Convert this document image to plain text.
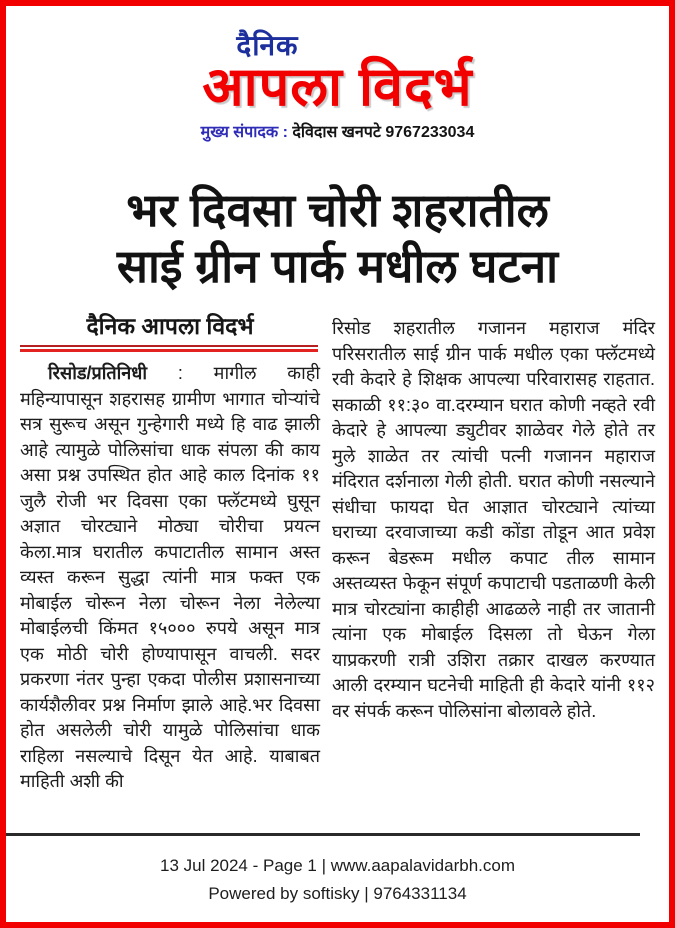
दैनिक
आपला विदर्भ
मुख्य संपादक : देविदास खनपटे 9767233034
भर दिवसा चोरी शहरातील
साई ग्रीन पार्क मधील घटना
दैनिक आपला विदर्भ

रिसोड/प्रतिनिधी : मागील काही महिन्यापासून शहरासह ग्रामीण भागात चोऱ्यांचे सत्र सुरूच असून गुन्हेगारी मध्ये हि वाढ झाली आहे त्यामुळे पोलिसांचा धाक संपला की काय असा प्रश्न उपस्थित होत आहे काल दिनांक ११ जुलै रोजी भर दिवसा एका फ्लॅटमध्ये घुसून अज्ञात चोरट्याने मोठ्या चोरीचा प्रयत्न केला.मात्र घरातील कपाटातील सामान अस्त व्यस्त करून सुद्धा त्यांनी मात्र फक्त एक मोबाईल चोरून नेला चोरून नेला नेलेल्या मोबाईलची किंमत १५००० रुपये असून मात्र एक मोठी चोरी होण्यापासून वाचली. सदर प्रकरणा नंतर पुन्हा एकदा पोलीस प्रशासनाच्या कार्यशैलीवर प्रश्न निर्माण झाले आहे.भर दिवसा होत असलेली चोरी यामुळे पोलिसांचा धाक राहिला नसल्याचे दिसून येत आहे. याबाबत माहिती अशी की

रिसोड शहरातील गजानन महाराज मंदिर परिसरातील साई ग्रीन पार्क मधील एका फ्लॅटमध्ये रवी केदारे हे शिक्षक आपल्या परिवारासह राहतात. सकाळी ११:३० वा.दरम्यान घरात कोणी नव्हते रवी केदारे हे आपल्या ड्युटीवर शाळेवर गेले होते तर मुले शाळेत तर त्यांची पत्नी गजानन महाराज मंदिरात दर्शनाला गेली होती. घरात कोणी नसल्याने संधीचा फायदा घेत आज्ञात चोरट्याने त्यांच्या घराच्या दरवाजाच्या कडी कोंडा तोडून आत प्रवेश करून बेडरूम मधील कपाट तील सामान अस्तव्यस्त फेकून संपूर्ण कपाटाची पडताळणी केली मात्र चोरट्यांना काहीही आढळले नाही तर जातानी त्यांना एक मोबाईल दिसला तो घेऊन गेला याप्रकरणी रात्री उशिरा तक्रार दाखल करण्यात आली दरम्यान घटनेची माहिती ही केदारे यांनी ११२ वर संपर्क करून पोलिसांना बोलावले होते.

13 Jul 2024 - Page 1 | www.aapalavidarbh.com
Powered by softisky | 9764331134
